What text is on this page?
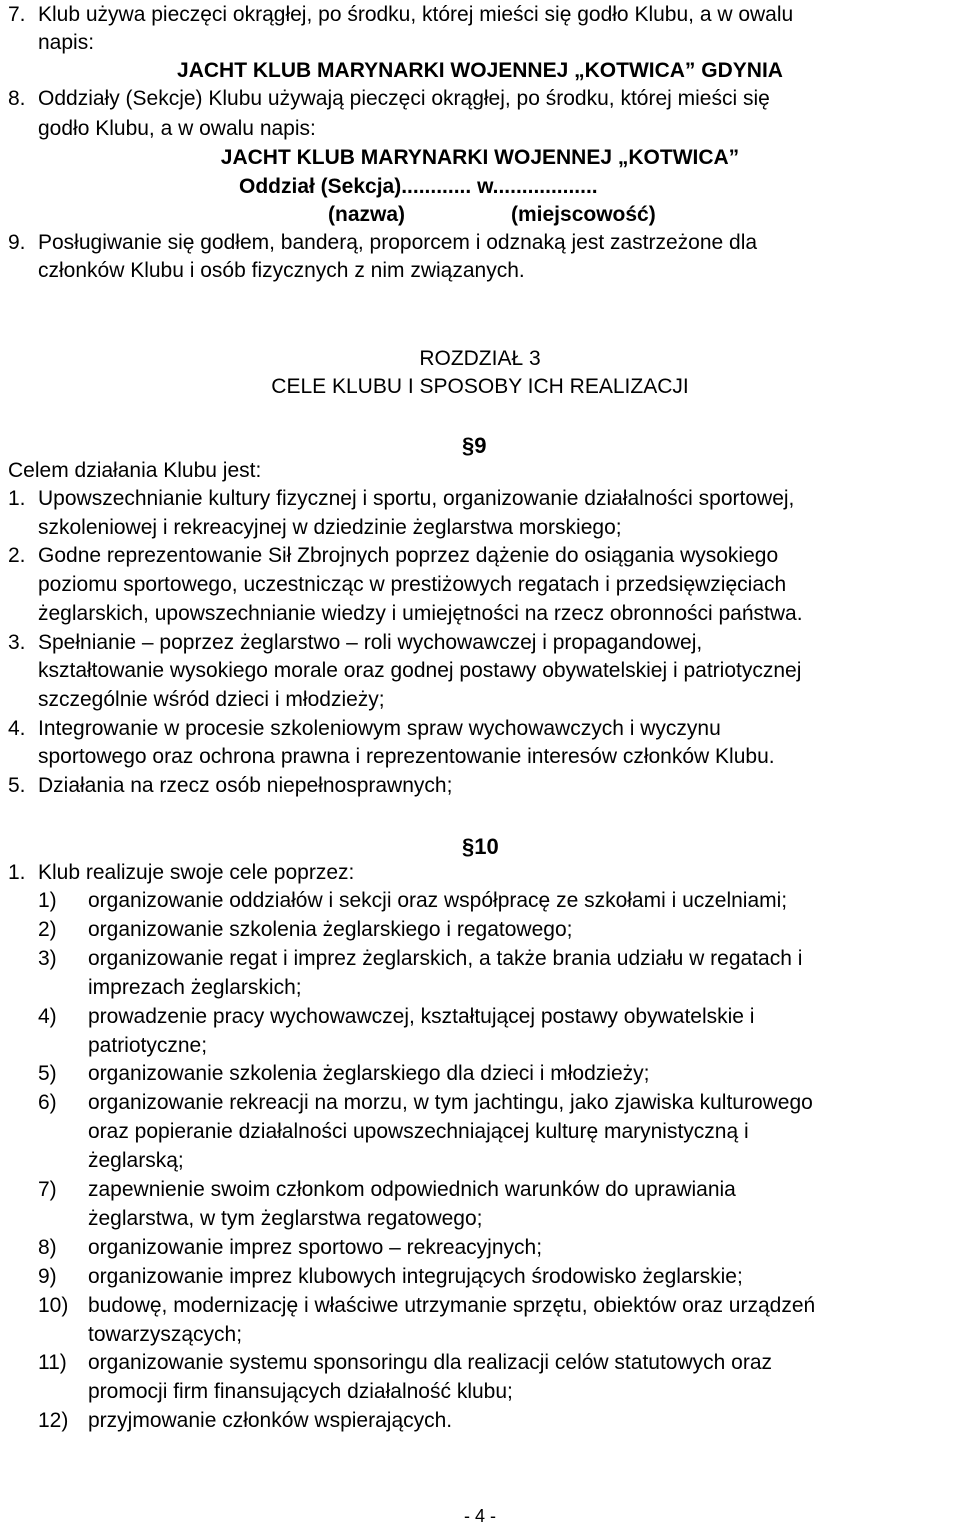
7. Klub używa pieczęci okrągłej, po środku, której mieści się godło Klubu, a w owalu
napis:
JACHT KLUB MARYNARKI WOJENNEJ „KOTWICA” GDYNIA
8. Oddziały (Sekcje) Klubu używają pieczęci okrągłej, po środku, której mieści się
godło Klubu, a w owalu napis:
JACHT KLUB MARYNARKI WOJENNEJ „KOTWICA”
Oddział (Sekcja)............ w..................
(nazwa)	(miejscowość)
9. Posługiwanie się godłem, banderą, proporcem i odznaką jest zastrzeżone dla
członków Klubu i osób fizycznych z nim związanych.
ROZDZIAŁ 3
CELE KLUBU I SPOSOBY ICH REALIZACJI
§9
Celem działania Klubu jest:
1. Upowszechnianie kultury fizycznej i sportu, organizowanie działalności sportowej,
szkoleniowej i rekreacyjnej w dziedzinie żeglarstwa morskiego;
2. Godne reprezentowanie Sił Zbrojnych poprzez dążenie do osiągania wysokiego
poziomu sportowego, uczestnicząc w prestiżowych regatach i przedsięwzięciach
żeglarskich, upowszechnianie wiedzy i umiejętności na rzecz obronności państwa.
3. Spełnianie – poprzez żeglarstwo – roli wychowawczej i propagandowej,
kształtowanie wysokiego morale oraz godnej postawy obywatelskiej i patriotycznej
szczególnie wśród dzieci i młodzieży;
4. Integrowanie w procesie szkoleniowym spraw wychowawczych i wyczynu
sportowego oraz ochrona prawna i reprezentowanie interesów członków Klubu.
5. Działania na rzecz osób niepełnosprawnych;
§10
1. Klub realizuje swoje cele poprzez:
1) organizowanie oddziałów i sekcji oraz współpracę ze szkołami i uczelniami;
2) organizowanie szkolenia żeglarskiego i regatowego;
3) organizowanie regat i imprez żeglarskich, a także brania udziału w regatach i
imprezach żeglarskich;
4) prowadzenie pracy wychowawczej, kształtującej postawy obywatelskie i
patriotyczne;
5) organizowanie szkolenia żeglarskiego dla dzieci i młodzieży;
6) organizowanie rekreacji na morzu, w tym jachtingu, jako zjawiska kulturowego
oraz popieranie działalności upowszechniającej kulturę marynistyczną i
żeglarską;
7) zapewnienie swoim członkom odpowiednich warunków do uprawiania
żeglarstwa, w tym żeglarstwa regatowego;
8) organizowanie imprez sportowo – rekreacyjnych;
9) organizowanie imprez klubowych integrujących środowisko żeglarskie;
10) budowę, modernizację i właściwe utrzymanie sprzętu, obiektów oraz urządzeń
towarzyszących;
11) organizowanie systemu sponsoringu dla realizacji celów statutowych oraz
promocji firm finansujących działalność klubu;
12) przyjmowanie członków wspierających.
- 4 -
